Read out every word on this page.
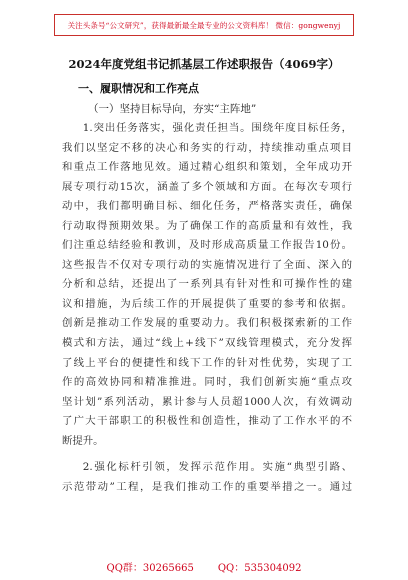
关注头条号“公文研究”，获得最新最全最专业的公文资料库！ 微信：gongwenyj
2024年度党组书记抓基层工作述职报告（4069字）
一、履职情况和工作亮点
（一）坚持目标导向，夯实“主阵地”
1.突出任务落实，强化责任担当。围绕年度目标任务，
我们以坚定不移的决心和务实的行动，持续推动重点项目
和重点工作落地见效。通过精心组织和策划，全年成功开
展专项行动15次，涵盖了多个领域和方面。在每次专项行
动中，我们都明确目标、细化任务，严格落实责任，确保
行动取得预期效果。为了确保工作的高质量和有效性，我
们注重总结经验和教训，及时形成高质量工作报告10份。
这些报告不仅对专项行动的实施情况进行了全面、深入的
分析和总结，还提出了一系列具有针对性和可操作性的建
议和措施，为后续工作的开展提供了重要的参考和依据。
创新是推动工作发展的重要动力。我们积极探索新的工作
模式和方法，通过“线上+线下”双线管理模式，充分发挥
了线上平台的便捷性和线下工作的针对性优势，实现了工
作的高效协同和精准推进。同时，我们创新实施“重点攻
坚计划”系列活动，累计参与人员超1000人次，有效调动
了广大干部职工的积极性和创造性，推动了工作水平的不
断提升。
2.强化标杆引领，发挥示范作用。实施“典型引路、
示范带动”工程，是我们推动工作的重要举措之一。通过
QQ群：30265665 QQ：535304092
